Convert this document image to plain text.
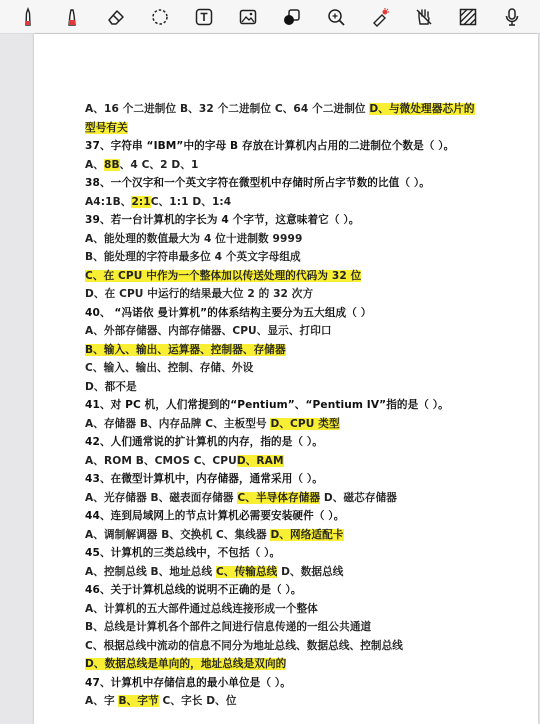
A、16 个二进制位 B、32 个二进制位 C、64 个二进制位 D、与微处理器芯片的
型号有关
37、字符串 “IBM”中的字母 B 存放在计算机内占用的二进制位个数是（ ）。
A、8B、4 C、2 D、1
38、一个汉字和一个英文字符在微型机中存储时所占字节数的比值（ ）。
A4:1B、2:1C、1:1 D、1:4
39、若一台计算机的字长为 4 个字节，这意味着它（ ）。
A、能处理的数值最大为 4 位十进制数 9999
B、能处理的字符串最多位 4 个英文字母组成
C、在 CPU 中作为一个整体加以传送处理的代码为 32 位
D、在 CPU 中运行的结果最大位 2 的 32 次方
40、 “冯诺依 曼计算机”的体系结构主要分为五大组成（ ）
A、外部存储器、内部存储器、CPU、显示、打印口
B、输入、输出、运算器、控制器、存储器
C、输入、输出、控制、存储、外设
D、都不是
41、对 PC 机，人们常提到的“Pentium”、“Pentium IV”指的是（ ）。
A、存储器 B、内存品牌 C、主板型号 D、CPU 类型
42、人们通常说的扩计算机的内存，指的是（ ）。
A、ROM B、CMOS C、CPUD、RAM
43、在微型计算机中，内存储器，通常采用（ ）。
A、光存储器 B、磁表面存储器 C、半导体存储器 D、磁芯存储器
44、连到局域网上的节点计算机必需要安装硬件（ ）。
A、调制解调器 B、交换机 C、集线器 D、网络适配卡
45、计算机的三类总线中，不包括（ ）。
A、控制总线 B、地址总线 C、传输总线 D、数据总线
46、关于计算机总线的说明不正确的是（ ）。
A、计算机的五大部件通过总线连接形成一个整体
B、总线是计算机各个部件之间进行信息传递的一组公共通道
C、根据总线中流动的信息不同分为地址总线、数据总线、控制总线
D、数据总线是单向的，地址总线是双向的
47、计算机中存储信息的最小单位是（ ）。
A、字 B、字节 C、字长 D、位
